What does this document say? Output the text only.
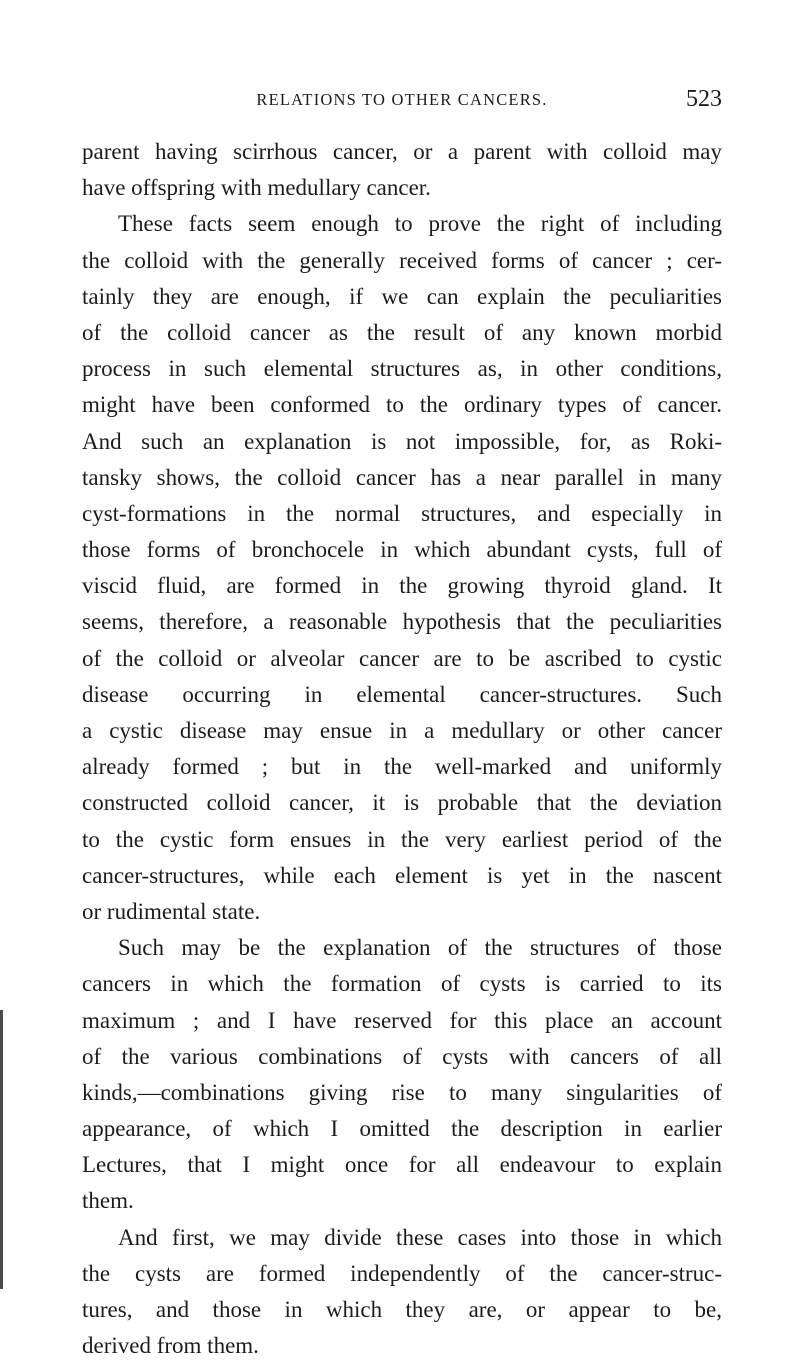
RELATIONS TO OTHER CANCERS.	523
parent having scirrhous cancer, or a parent with colloid may
have offspring with medullary cancer.
These facts seem enough to prove the right of including
the colloid with the generally received forms of cancer ; cer-
tainly they are enough, if we can explain the peculiarities
of the colloid cancer as the result of any known morbid
process in such elemental structures as, in other conditions,
might have been conformed to the ordinary types of cancer.
And such an explanation is not impossible, for, as Roki-
tansky shows, the colloid cancer has a near parallel in many
cyst-formations in the normal structures, and especially in
those forms of bronchocele in which abundant cysts, full of
viscid fluid, are formed in the growing thyroid gland. It
seems, therefore, a reasonable hypothesis that the peculiarities
of the colloid or alveolar cancer are to be ascribed to cystic
disease occurring in elemental cancer-structures. Such
a cystic disease may ensue in a medullary or other cancer
already formed ; but in the well-marked and uniformly
constructed colloid cancer, it is probable that the deviation
to the cystic form ensues in the very earliest period of the
cancer-structures, while each element is yet in the nascent
or rudimental state.
Such may be the explanation of the structures of those
cancers in which the formation of cysts is carried to its
maximum ; and I have reserved for this place an account
of the various combinations of cysts with cancers of all
kinds,—combinations giving rise to many singularities of
appearance, of which I omitted the description in earlier
Lectures, that I might once for all endeavour to explain
them.
And first, we may divide these cases into those in which
the cysts are formed independently of the cancer-struc-
tures, and those in which they are, or appear to be,
derived from them.
